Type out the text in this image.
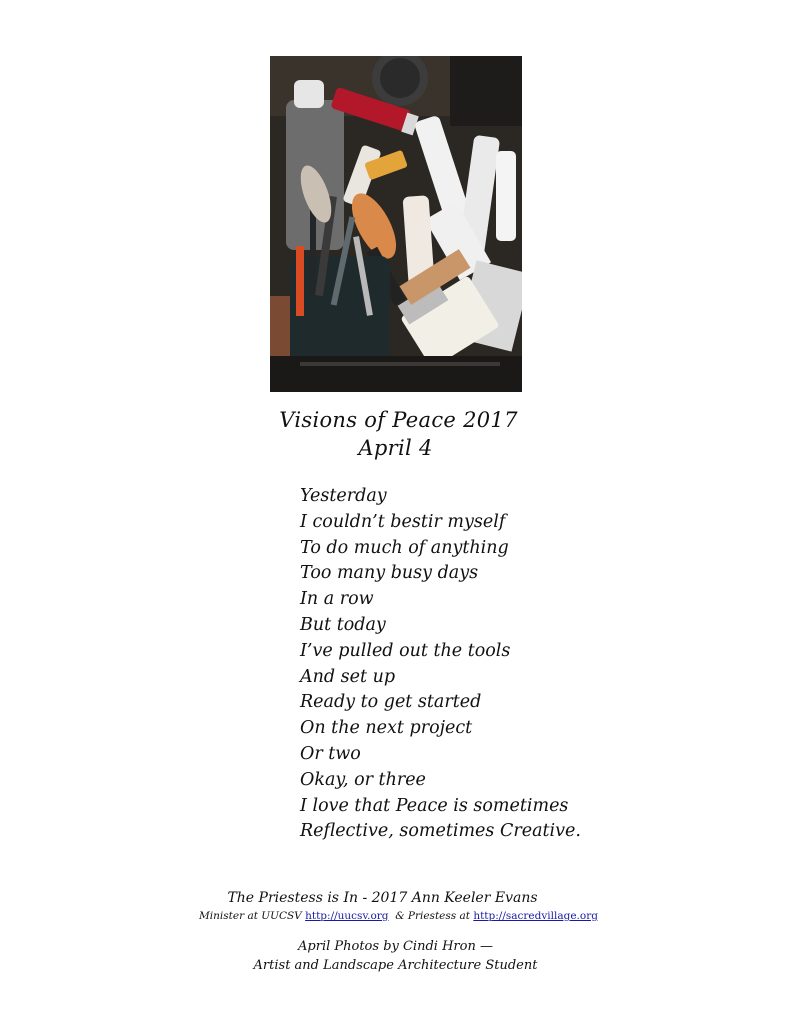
Visions of Peace 2017
April 4
Yesterday
I couldn’t bestir myself
To do much of anything
Too many busy days
In a row
But today
I’ve pulled out the tools
And set up
Ready to get started
On the next project
Or two
Okay, or three
I love that Peace is sometimes
Reflective, sometimes Creative.
The Priestess is In - 2017 Ann Keeler Evans
Minister at UUCSV http://uucsv.org & Priestess at http://sacredvillage.org
April Photos by Cindi Hron —
Artist and Landscape Architecture Student
